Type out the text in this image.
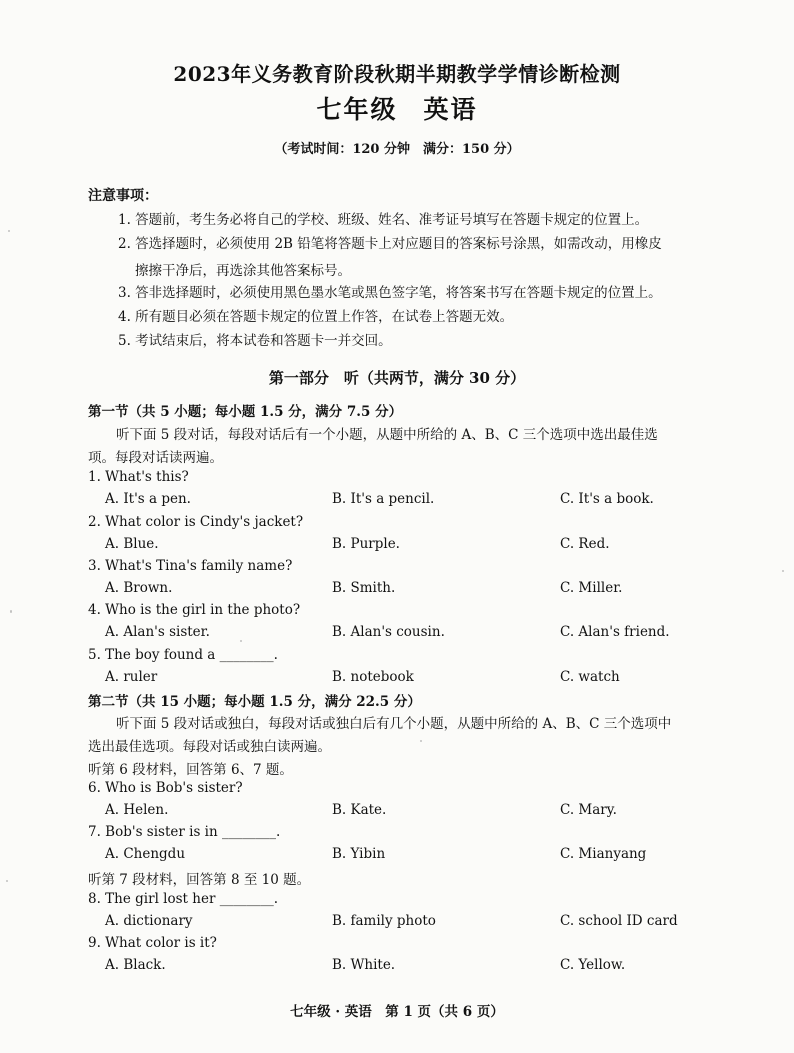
2023年义务教育阶段秋期半期教学学情诊断检测
七年级 英语
（考试时间：120 分钟　满分：150 分）
注意事项：
1. 答题前，考生务必将自己的学校、班级、姓名、准考证号填写在答题卡规定的位置上。
2. 答选择题时，必须使用 2B 铅笔将答题卡上对应题目的答案标号涂黑，如需改动，用橡皮
擦擦干净后，再选涂其他答案标号。
3. 答非选择题时，必须使用黑色墨水笔或黑色签字笔，将答案书写在答题卡规定的位置上。
4. 所有题目必须在答题卡规定的位置上作答，在试卷上答题无效。
5. 考试结束后，将本试卷和答题卡一并交回。
第一部分　听（共两节，满分 30 分）
第一节（共 5 小题；每小题 1.5 分，满分 7.5 分）
听下面 5 段对话，每段对话后有一个小题，从题中所给的 A、B、C 三个选项中选出最佳选
项。每段对话读两遍。
1. What's this?
A. It's a pen.	B. It's a pencil.	C. It's a book.
2. What color is Cindy's jacket?
A. Blue.	B. Purple.	C. Red.
3. What's Tina's family name?
A. Brown.	B. Smith.	C. Miller.
4. Who is the girl in the photo?
A. Alan's sister.	B. Alan's cousin.	C. Alan's friend.
5. The boy found a ________.
A. ruler	B. notebook	C. watch
第二节（共 15 小题；每小题 1.5 分，满分 22.5 分）
听下面 5 段对话或独白，每段对话或独白后有几个小题，从题中所给的 A、B、C 三个选项中
选出最佳选项。每段对话或独白读两遍。
听第 6 段材料，回答第 6、7 题。
6. Who is Bob's sister?
A. Helen.	B. Kate.	C. Mary.
7. Bob's sister is in ________.
A. Chengdu	B. Yibin	C. Mianyang
听第 7 段材料，回答第 8 至 10 题。
8. The girl lost her ________.
A. dictionary	B. family photo	C. school ID card
9. What color is it?
A. Black.	B. White.	C. Yellow.
七年级 · 英语　第 1 页（共 6 页）
